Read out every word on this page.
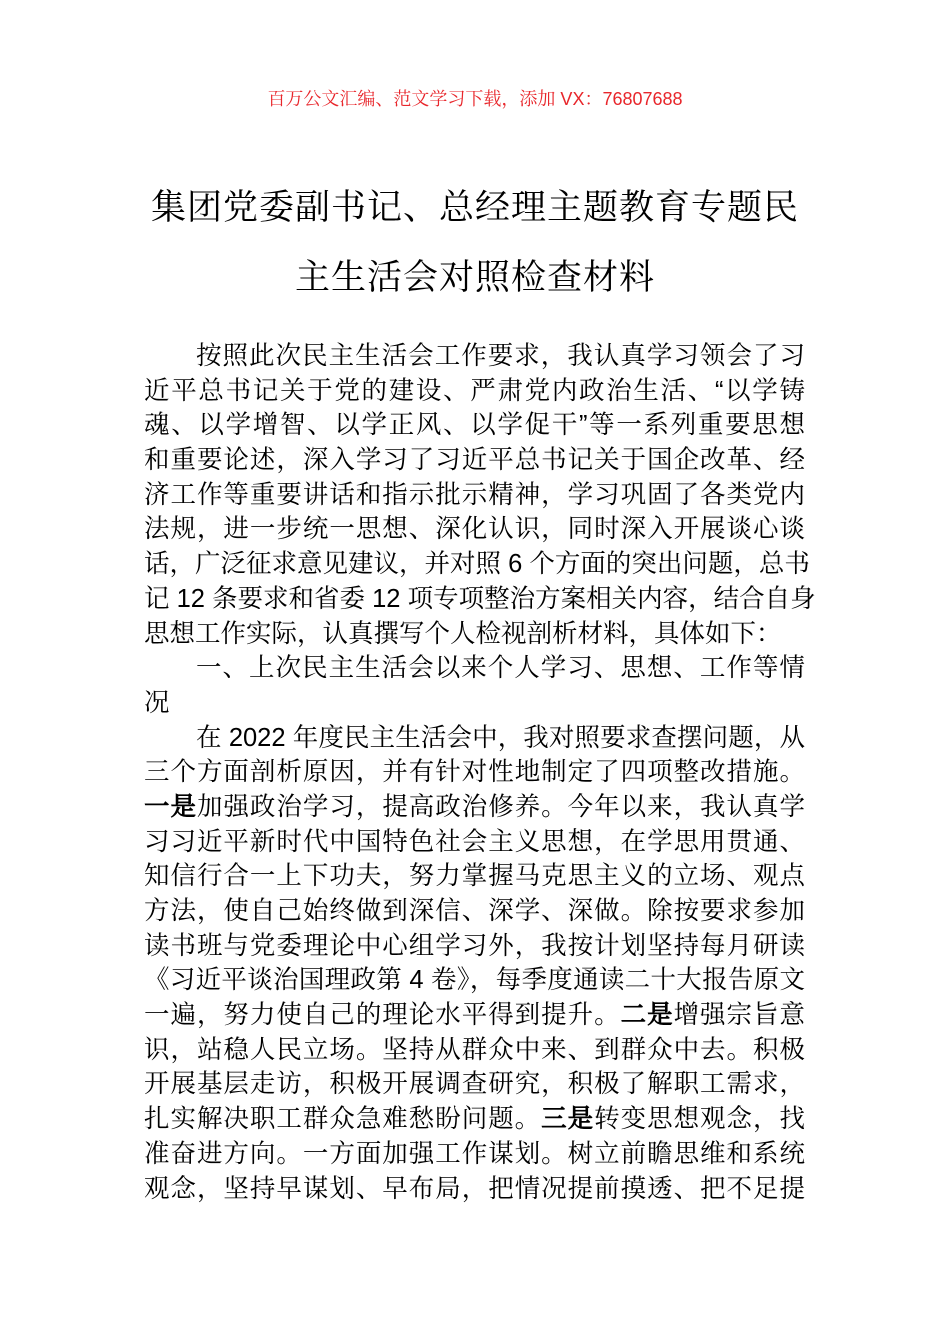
百万公文汇编、范文学习下载，添加 VX：76807688
集团党委副书记、总经理主题教育专题民
主生活会对照检查材料
按照此次民主生活会工作要求，我认真学习领会了习
近平总书记关于党的建设、严肃党内政治生活、“以学铸
魂、以学增智、以学正风、以学促干”等一系列重要思想
和重要论述，深入学习了习近平总书记关于国企改革、经
济工作等重要讲话和指示批示精神，学习巩固了各类党内
法规，进一步统一思想、深化认识，同时深入开展谈心谈
话，广泛征求意见建议，并对照 6 个方面的突出问题，总书
记 12 条要求和省委 12 项专项整治方案相关内容，结合自身
思想工作实际，认真撰写个人检视剖析材料，具体如下：
一、上次民主生活会以来个人学习、思想、工作等情
况
在 2022 年度民主生活会中，我对照要求查摆问题，从
三个方面剖析原因，并有针对性地制定了四项整改措施。
一是加强政治学习，提高政治修养。今年以来，我认真学
习习近平新时代中国特色社会主义思想，在学思用贯通、
知信行合一上下功夫，努力掌握马克思主义的立场、观点
方法，使自己始终做到深信、深学、深做。除按要求参加
读书班与党委理论中心组学习外，我按计划坚持每月研读
《习近平谈治国理政第 4 卷》，每季度通读二十大报告原文
一遍，努力使自己的理论水平得到提升。二是增强宗旨意
识，站稳人民立场。坚持从群众中来、到群众中去。积极
开展基层走访，积极开展调查研究，积极了解职工需求，
扎实解决职工群众急难愁盼问题。三是转变思想观念，找
准奋进方向。一方面加强工作谋划。树立前瞻思维和系统
观念，坚持早谋划、早布局，把情况提前摸透、把不足提
